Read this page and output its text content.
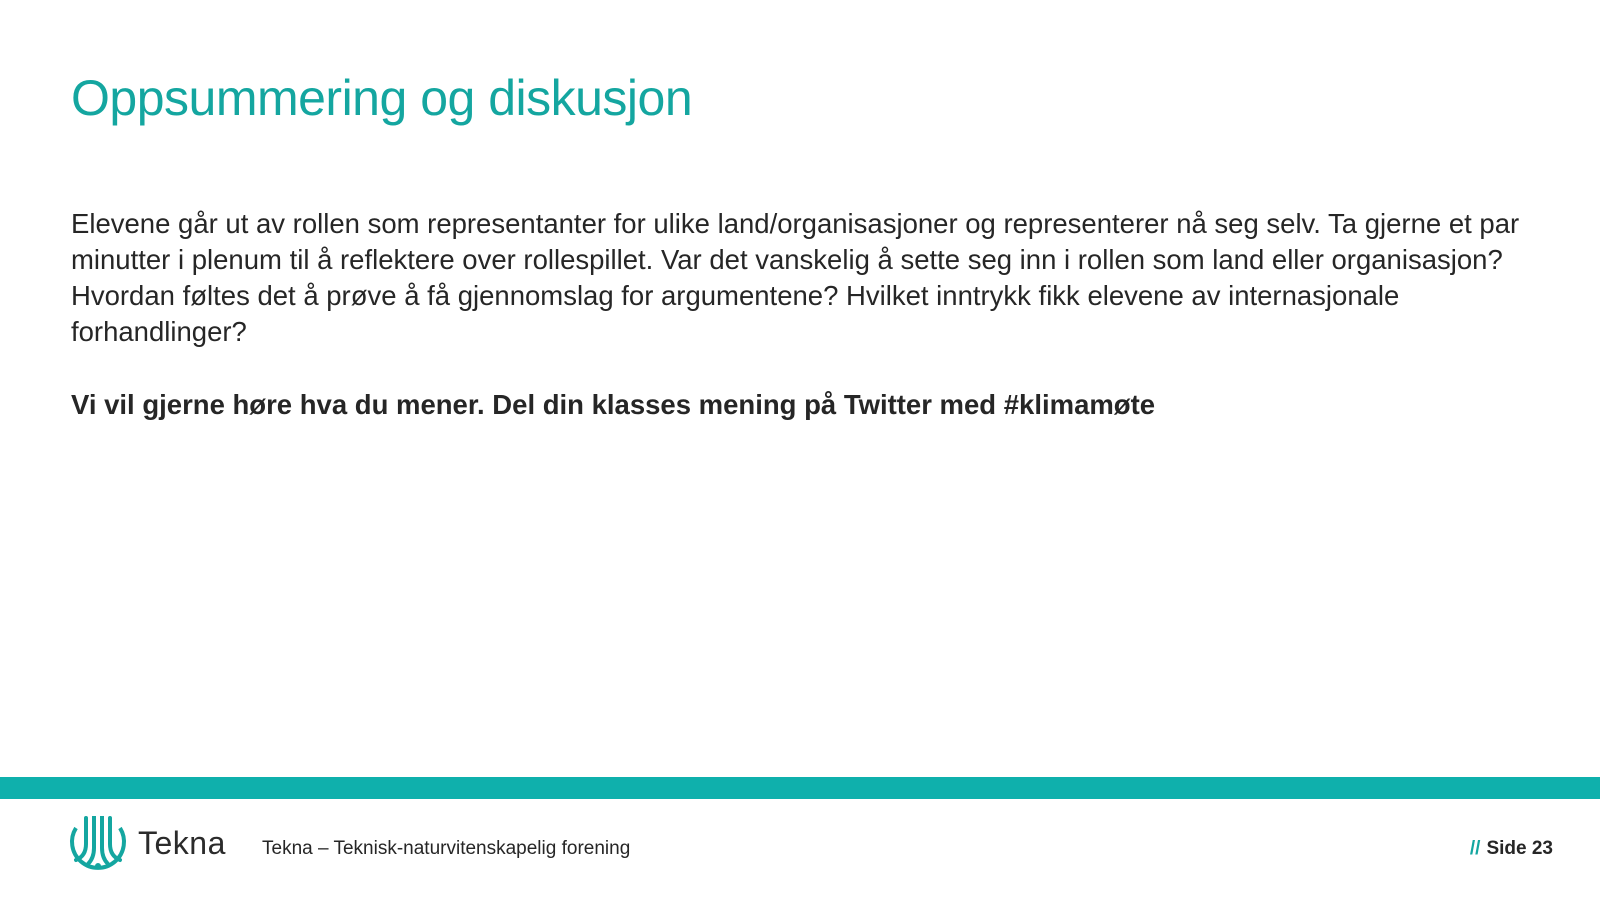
Oppsummering og diskusjon

Elevene går ut av rollen som representanter for ulike land/organisasjoner og representerer nå seg selv. Ta gjerne et par minutter i plenum til å reflektere over rollespillet. Var det vanskelig å sette seg inn i rollen som land eller organisasjon? Hvordan føltes det å prøve å få gjennomslag for argumentene? Hvilket inntrykk fikk elevene av internasjonale forhandlinger?

Vi vil gjerne høre hva du mener. Del din klasses mening på Twitter med #klimamøte

Tekna Tekna – Teknisk-naturvitenskapelig forening	// Side 23
